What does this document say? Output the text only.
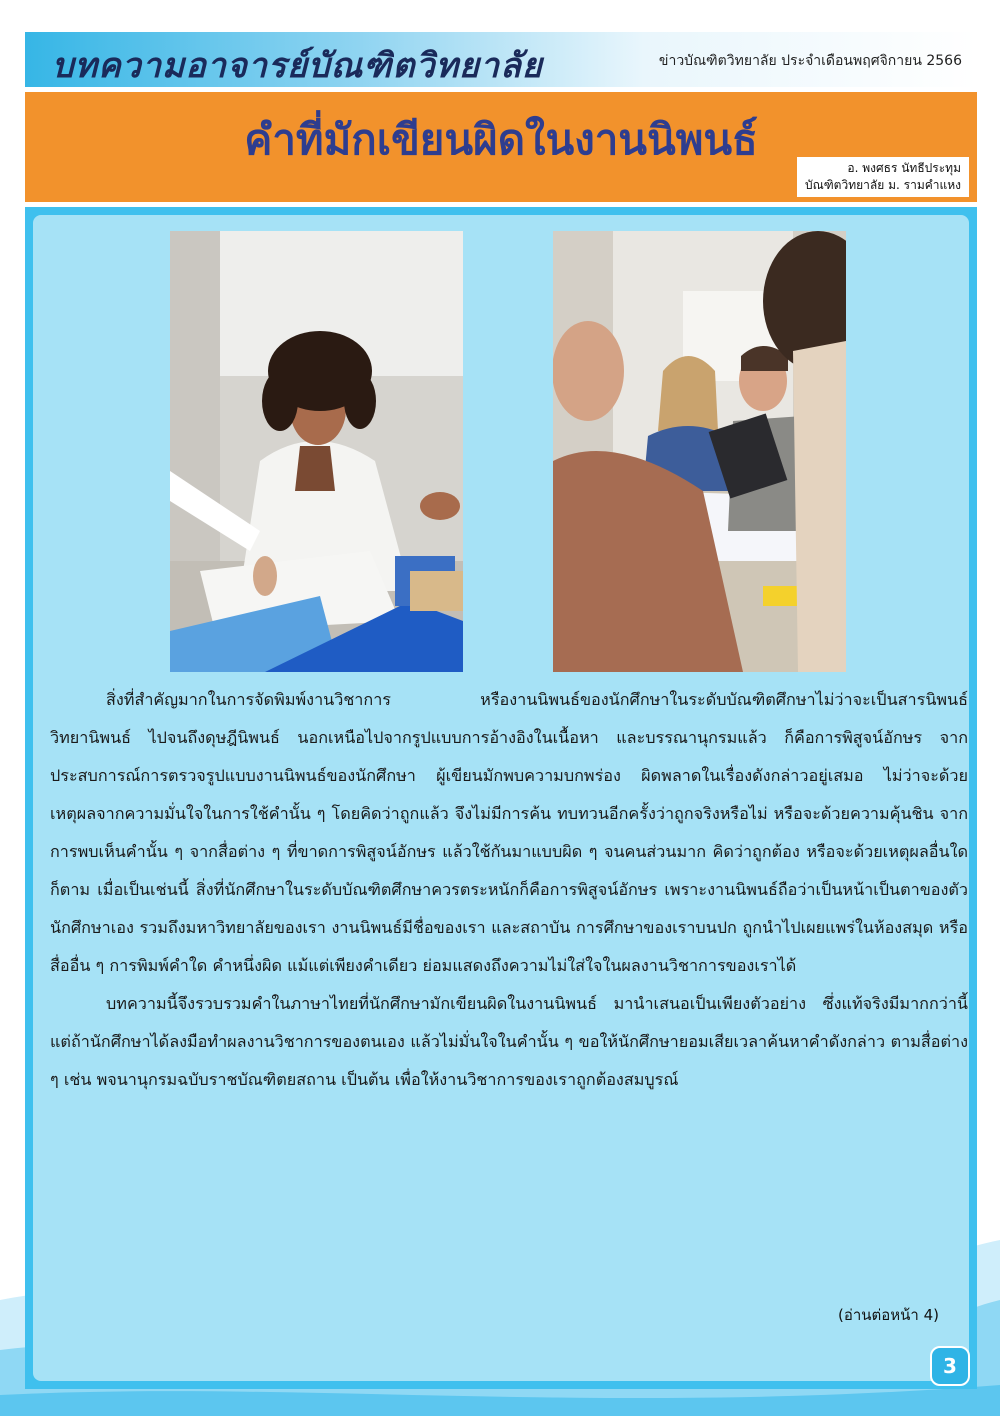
บทความอาจารย์บัณฑิตวิทยาลัย	ข่าวบัณฑิตวิทยาลัย ประจำเดือนพฤศจิกายน 2566
คำที่มักเขียนผิดในงานนิพนธ์
อ. พงศธร นัทธีประทุม
บัณฑิตวิทยาลัย ม. รามคำแหง

สิ่งที่สำคัญมากในการจัดพิมพ์งานวิชาการ หรืองานนิพนธ์ของนักศึกษาในระดับบัณฑิตศึกษาไม่ว่าจะเป็นสารนิพนธ์ วิทยานิพนธ์ ไปจนถึงดุษฎีนิพนธ์ นอกเหนือไปจากรูปแบบการอ้างอิงในเนื้อหา และบรรณานุกรมแล้ว ก็คือการพิสูจน์อักษร จากประสบการณ์การตรวจรูปแบบงานนิพนธ์ของนักศึกษา ผู้เขียนมักพบความบกพร่อง ผิดพลาดในเรื่องดังกล่าวอยู่เสมอ ไม่ว่าจะด้วยเหตุผลจากความมั่นใจในการใช้คำนั้น ๆ โดยคิดว่าถูกแล้ว จึงไม่มีการค้น ทบทวนอีกครั้งว่าถูกจริงหรือไม่ หรือจะด้วยความคุ้นชิน จากการพบเห็นคำนั้น ๆ จากสื่อต่าง ๆ ที่ขาดการพิสูจน์อักษร แล้วใช้กันมาแบบผิด ๆ จนคนส่วนมาก คิดว่าถูกต้อง หรือจะด้วยเหตุผลอื่นใดก็ตาม เมื่อเป็นเช่นนี้ สิ่งที่นักศึกษาในระดับบัณฑิตศึกษาควรตระหนักก็คือการพิสูจน์อักษร เพราะงานนิพนธ์ถือว่าเป็นหน้าเป็นตาของตัวนักศึกษาเอง รวมถึงมหาวิทยาลัยของเรา งานนิพนธ์มีชื่อของเรา และสถาบัน การศึกษาของเราบนปก ถูกนำไปเผยแพร่ในห้องสมุด หรือสื่ออื่น ๆ การพิมพ์คำใด คำหนึ่งผิด แม้แต่เพียงคำเดียว ย่อมแสดงถึงความไม่ใส่ใจในผลงานวิชาการของเราได้

บทความนี้จึงรวบรวมคำในภาษาไทยที่นักศึกษามักเขียนผิดในงานนิพนธ์ มานำเสนอเป็นเพียงตัวอย่าง ซึ่งแท้จริงมีมากกว่านี้ แต่ถ้านักศึกษาได้ลงมือทำผลงานวิชาการของตนเอง แล้วไม่มั่นใจในคำนั้น ๆ ขอให้นักศึกษายอมเสียเวลาค้นหาคำดังกล่าว ตามสื่อต่าง ๆ เช่น พจนานุกรมฉบับราชบัณฑิตยสถาน เป็นต้น เพื่อให้งานวิชาการของเราถูกต้องสมบูรณ์

(อ่านต่อหน้า 4)
3
